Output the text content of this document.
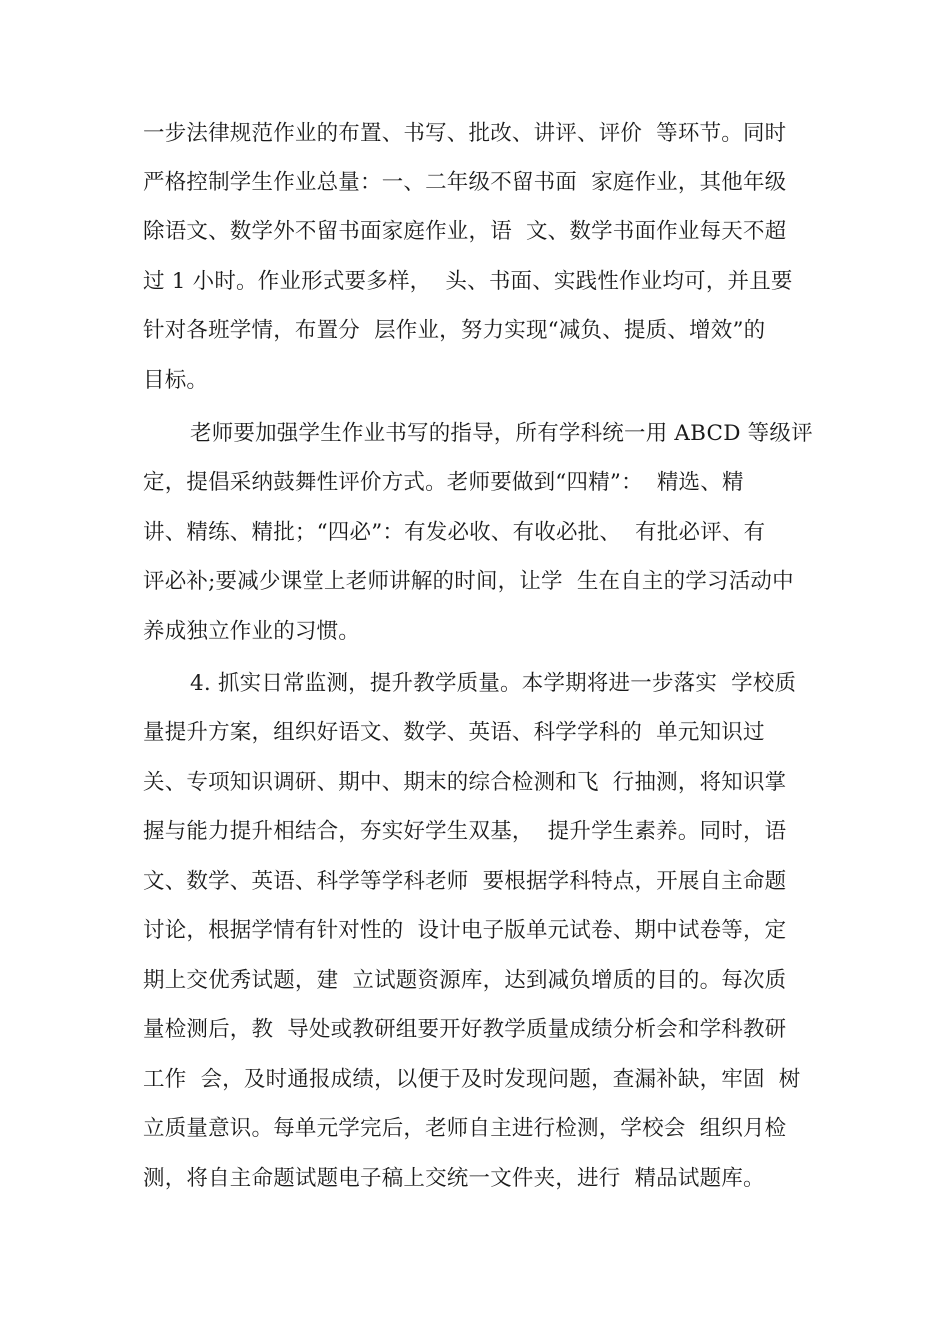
一步法律规范作业的布置、书写、批改、讲评、评价  等环节。同时
严格控制学生作业总量：一、二年级不留书面  家庭作业，其他年级
除语文、数学外不留书面家庭作业，语  文、数学书面作业每天不超
过 1 小时。作业形式要多样，  头、书面、实践性作业均可，并且要
针对各班学情，布置分  层作业，努力实现“减负、提质、增效”的
目标。
老师要加强学生作业书写的指导，所有学科统一用 ABCD 等级评
定，提倡采纳鼓舞性评价方式。老师要做到“四精”：  精选、精
讲、精练、精批；“四必”：有发必收、有收必批、  有批必评、有
评必补;要减少课堂上老师讲解的时间，让学  生在自主的学习活动中
养成独立作业的习惯。
4. 抓实日常监测，提升教学质量。本学期将进一步落实  学校质
量提升方案，组织好语文、数学、英语、科学学科的  单元知识过
关、专项知识调研、期中、期末的综合检测和飞  行抽测，将知识掌
握与能力提升相结合，夯实好学生双基，  提升学生素养。同时，语
文、数学、英语、科学等学科老师  要根据学科特点，开展自主命题
讨论，根据学情有针对性的  设计电子版单元试卷、期中试卷等，定
期上交优秀试题，建  立试题资源库，达到减负增质的目的。每次质
量检测后，教  导处或教研组要开好教学质量成绩分析会和学科教研
工作  会，及时通报成绩，以便于及时发现问题，查漏补缺，牢固  树
立质量意识。每单元学完后，老师自主进行检测，学校会  组织月检
测，将自主命题试题电子稿上交统一文件夹，进行  精品试题库。
